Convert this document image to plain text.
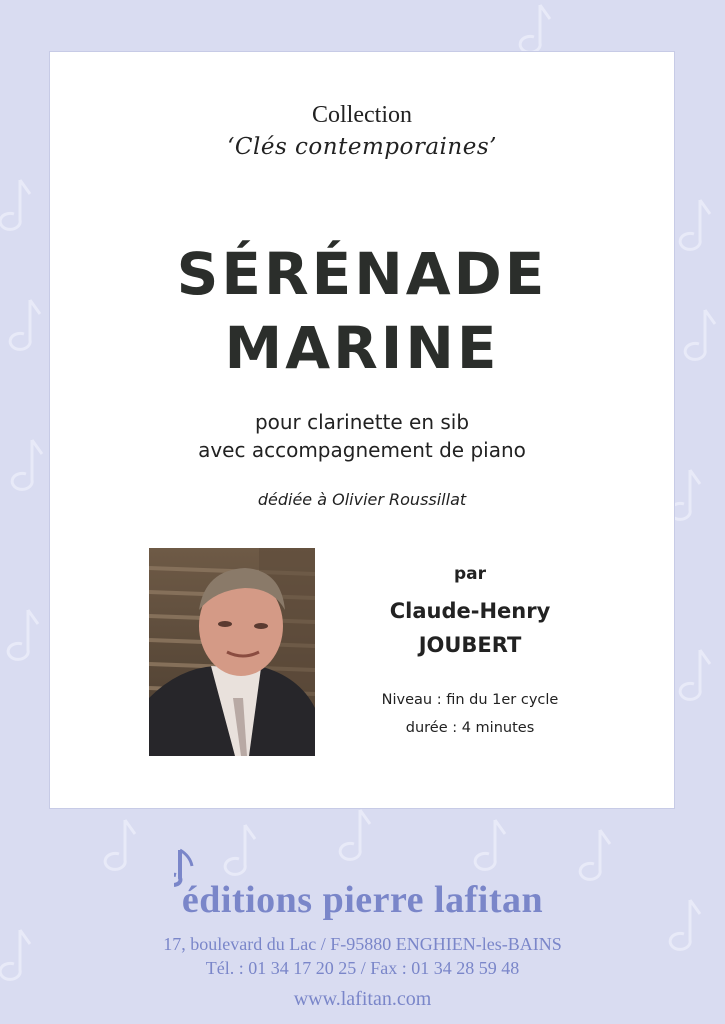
Collection
‘Clés contemporaines’
SÉRÉNADE
MARINE
pour clarinette en sib
avec accompagnement de piano
dédiée à Olivier Roussillat
par
Claude-Henry
JOUBERT
Niveau : fin du 1er cycle
durée : 4 minutes
éditions pierre lafitan
17, boulevard du Lac / F-95880 ENGHIEN-les-BAINS
Tél. : 01 34 17 20 25 / Fax : 01 34 28 59 48
www.lafitan.com
